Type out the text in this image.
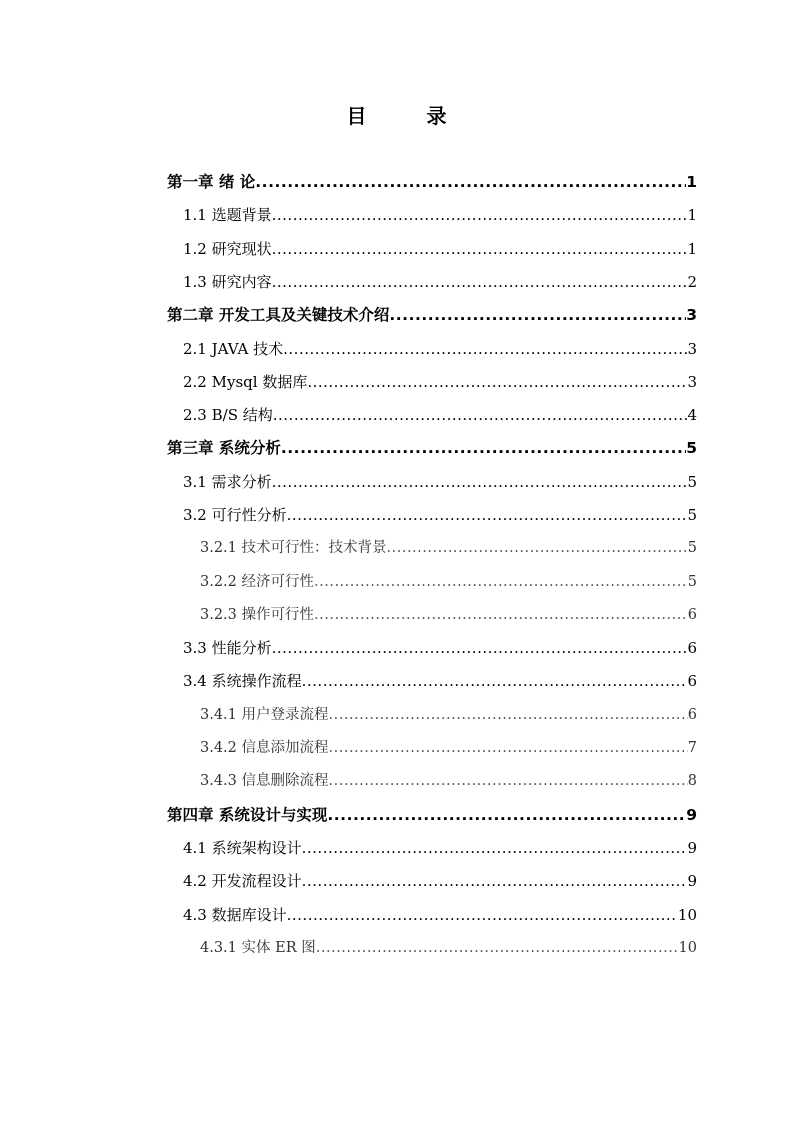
目　录
第一章 绪 论 .....	1
1.1 选题背景 .....	1
1.2 研究现状 .....	1
1.3 研究内容 .....	2
第二章 开发工具及关键技术介绍 .....	3
2.1 JAVA 技术 .....	3
2.2 Mysql 数据库 .....	3
2.3 B/S 结构 .....	4
第三章 系统分析 .....	5
3.1 需求分析 .....	5
3.2 可行性分析 .....	5
3.2.1 技术可行性：技术背景 .....	5
3.2.2 经济可行性 .....	5
3.2.3 操作可行性 .....	6
3.3 性能分析 .....	6
3.4 系统操作流程 .....	6
3.4.1 用户登录流程 .....	6
3.4.2 信息添加流程 .....	7
3.4.3 信息删除流程 .....	8
第四章 系统设计与实现 .....	9
4.1 系统架构设计 .....	9
4.2 开发流程设计 .....	9
4.3 数据库设计 .....	10
4.3.1 实体 ER 图 .....	10
